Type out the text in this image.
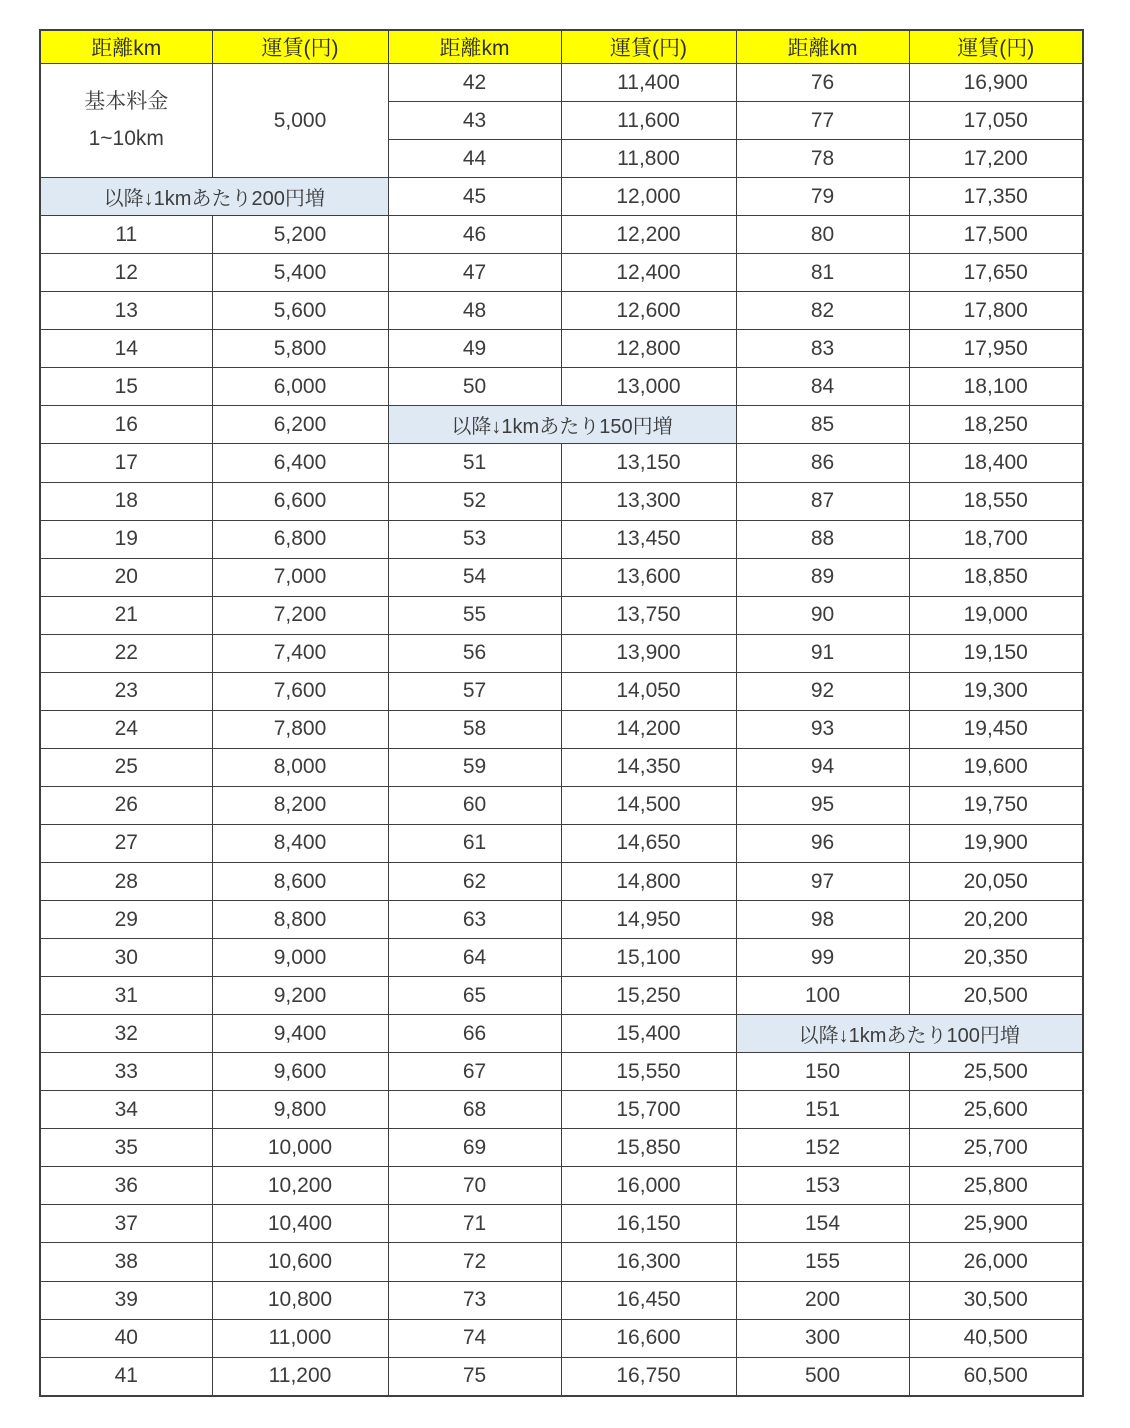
距離km	運賃(円)	距離km	運賃(円)	距離km	運賃(円)

基本料金
1~10km	5,000	42	11,400	76	16,900
		43	11,600	77	17,050
		44	11,800	78	17,200
以降↓1kmあたり200円増		45	12,000	79	17,350
11	5,200	46	12,200	80	17,500
12	5,400	47	12,400	81	17,650
13	5,600	48	12,600	82	17,800
14	5,800	49	12,800	83	17,950
15	6,000	50	13,000	84	18,100
16	6,200	以降↓1kmあたり150円増		85	18,250
17	6,400	51	13,150	86	18,400
18	6,600	52	13,300	87	18,550
19	6,800	53	13,450	88	18,700
20	7,000	54	13,600	89	18,850
21	7,200	55	13,750	90	19,000
22	7,400	56	13,900	91	19,150
23	7,600	57	14,050	92	19,300
24	7,800	58	14,200	93	19,450
25	8,000	59	14,350	94	19,600
26	8,200	60	14,500	95	19,750
27	8,400	61	14,650	96	19,900
28	8,600	62	14,800	97	20,050
29	8,800	63	14,950	98	20,200
30	9,000	64	15,100	99	20,350
31	9,200	65	15,250	100	20,500
32	9,400	66	15,400	以降↓1kmあたり100円増	
33	9,600	67	15,550	150	25,500
34	9,800	68	15,700	151	25,600
35	10,000	69	15,850	152	25,700
36	10,200	70	16,000	153	25,800
37	10,400	71	16,150	154	25,900
38	10,600	72	16,300	155	26,000
39	10,800	73	16,450	200	30,500
40	11,000	74	16,600	300	40,500
41	11,200	75	16,750	500	60,500
